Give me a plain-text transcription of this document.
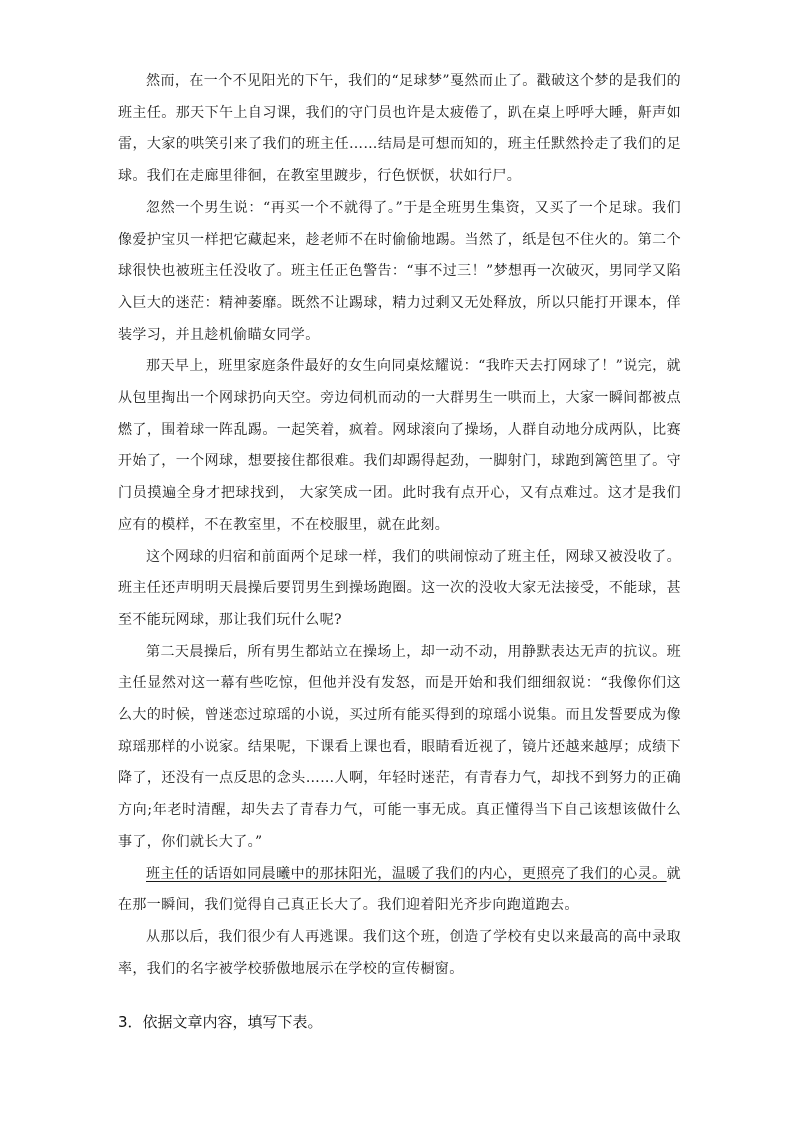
然而，在一个不见阳光的下午，我们的“足球梦”戛然而止了。戳破这个梦的是我们的班主任。那天下午上自习课，我们的守门员也许是太疲倦了，趴在桌上呼呼大睡，鼾声如雷，大家的哄笑引来了我们的班主任……结局是可想而知的，班主任默然拎走了我们的足球。我们在走廊里徘徊，在教室里踱步，行色恹恹，状如行尸。

忽然一个男生说：“再买一个不就得了。”于是全班男生集资，又买了一个足球。我们像爱护宝贝一样把它藏起来，趁老师不在时偷偷地踢。当然了，纸是包不住火的。第二个球很快也被班主任没收了。班主任正色警告：“事不过三！”梦想再一次破灭，男同学又陷入巨大的迷茫：精神萎靡。既然不让踢球，精力过剩又无处释放，所以只能打开课本，佯装学习，并且趁机偷瞄女同学。

那天早上，班里家庭条件最好的女生向同桌炫耀说：“我昨天去打网球了！”说完，就从包里掏出一个网球扔向天空。旁边伺机而动的一大群男生一哄而上，大家一瞬间都被点燃了，围着球一阵乱踢。一起笑着，疯着。网球滚向了操场，人群自动地分成两队，比赛开始了，一个网球，想要接住都很难。我们却踢得起劲，一脚射门，球跑到篱笆里了。守门员摸遍全身才把球找到， 大家笑成一团。此时我有点开心，又有点难过。这才是我们应有的模样，不在教室里，不在校服里，就在此刻。

这个网球的归宿和前面两个足球一样，我们的哄闹惊动了班主任，网球又被没收了。班主任还声明明天晨操后要罚男生到操场跑圈。这一次的没收大家无法接受，不能球，甚至不能玩网球，那让我们玩什么呢?

第二天晨操后，所有男生都站立在操场上，却一动不动，用静默表达无声的抗议。班主任显然对这一幕有些吃惊，但他并没有发怒，而是开始和我们细细叙说：“我像你们这么大的时候，曾迷恋过琼瑶的小说，买过所有能买得到的琼瑶小说集。而且发誓要成为像琼瑶那样的小说家。结果呢，下课看上课也看，眼睛看近视了，镜片还越来越厚；成绩下降了，还没有一点反思的念头……人啊，年轻时迷茫，有青春力气，却找不到努力的正确方向;年老时清醒，却失去了青春力气，可能一事无成。真正懂得当下自己该想该做什么事了，你们就长大了。”

班主任的话语如同晨曦中的那抹阳光，温暖了我们的内心，更照亮了我们的心灵。就在那一瞬间，我们觉得自己真正长大了。我们迎着阳光齐步向跑道跑去。

从那以后，我们很少有人再逃课。我们这个班，创造了学校有史以来最高的高中录取率，我们的名字被学校骄傲地展示在学校的宣传橱窗。

3．依据文章内容，填写下表。
